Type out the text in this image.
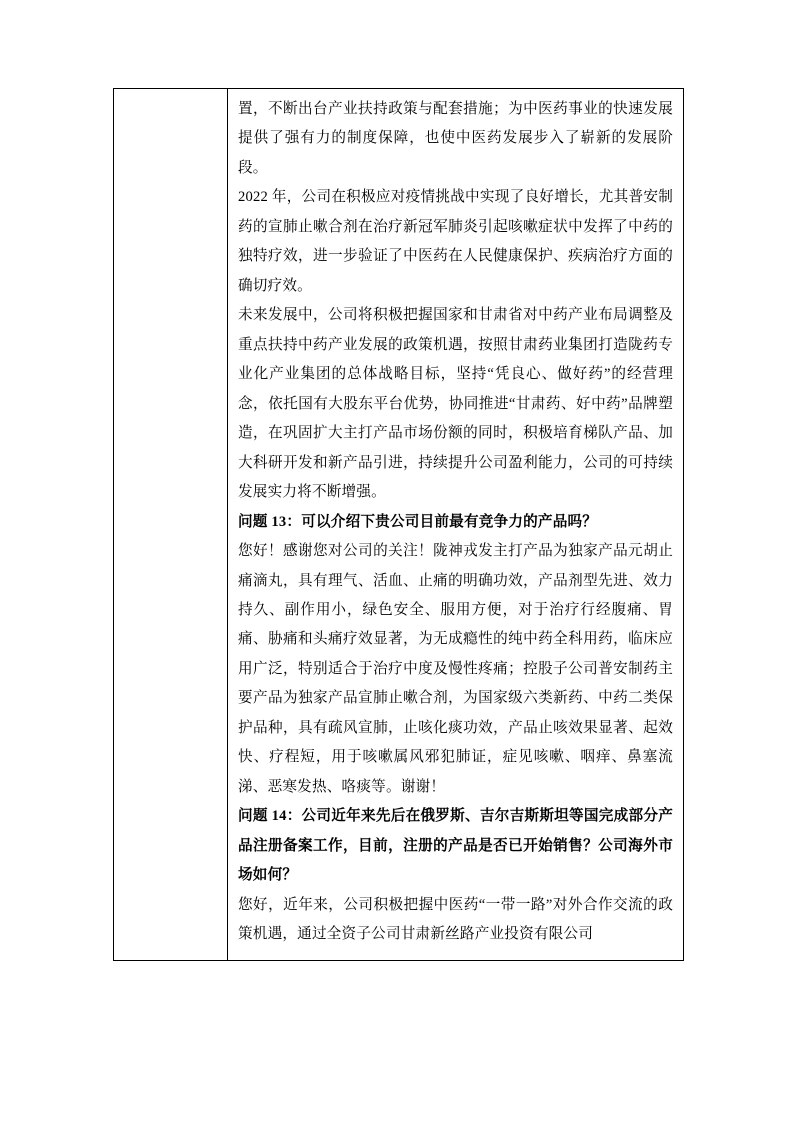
置，不断出台产业扶持政策与配套措施；为中医药事业的快速发展提供了强有力的制度保障，也使中医药发展步入了崭新的发展阶段。

2022 年，公司在积极应对疫情挑战中实现了良好增长，尤其普安制药的宣肺止嗽合剂在治疗新冠军肺炎引起咳嗽症状中发挥了中药的独特疗效，进一步验证了中医药在人民健康保护、疾病治疗方面的确切疗效。

未来发展中，公司将积极把握国家和甘肃省对中药产业布局调整及重点扶持中药产业发展的政策机遇，按照甘肃药业集团打造陇药专业化产业集团的总体战略目标，坚持“凭良心、做好药”的经营理念，依托国有大股东平台优势，协同推进“甘肃药、好中药”品牌塑造，在巩固扩大主打产品市场份额的同时，积极培育梯队产品、加大科研开发和新产品引进，持续提升公司盈利能力，公司的可持续发展实力将不断增强。

问题 13：可以介绍下贵公司目前最有竞争力的产品吗？

您好！感谢您对公司的关注！陇神戎发主打产品为独家产品元胡止痛滴丸，具有理气、活血、止痛的明确功效，产品剂型先进、效力持久、副作用小，绿色安全、服用方便，对于治疗行经腹痛、胃痛、胁痛和头痛疗效显著，为无成瘾性的纯中药全科用药，临床应用广泛，特别适合于治疗中度及慢性疼痛；控股子公司普安制药主要产品为独家产品宣肺止嗽合剂，为国家级六类新药、中药二类保护品种，具有疏风宣肺，止咳化痰功效，产品止咳效果显著、起效快、疗程短，用于咳嗽属风邪犯肺证，症见咳嗽、咽痒、鼻塞流涕、恶寒发热、咯痰等。谢谢！

问题 14：公司近年来先后在俄罗斯、吉尔吉斯斯坦等国完成部分产品注册备案工作，目前，注册的产品是否已开始销售？公司海外市场如何？

您好，近年来，公司积极把握中医药“一带一路”对外合作交流的政策机遇，通过全资子公司甘肃新丝路产业投资有限公司
